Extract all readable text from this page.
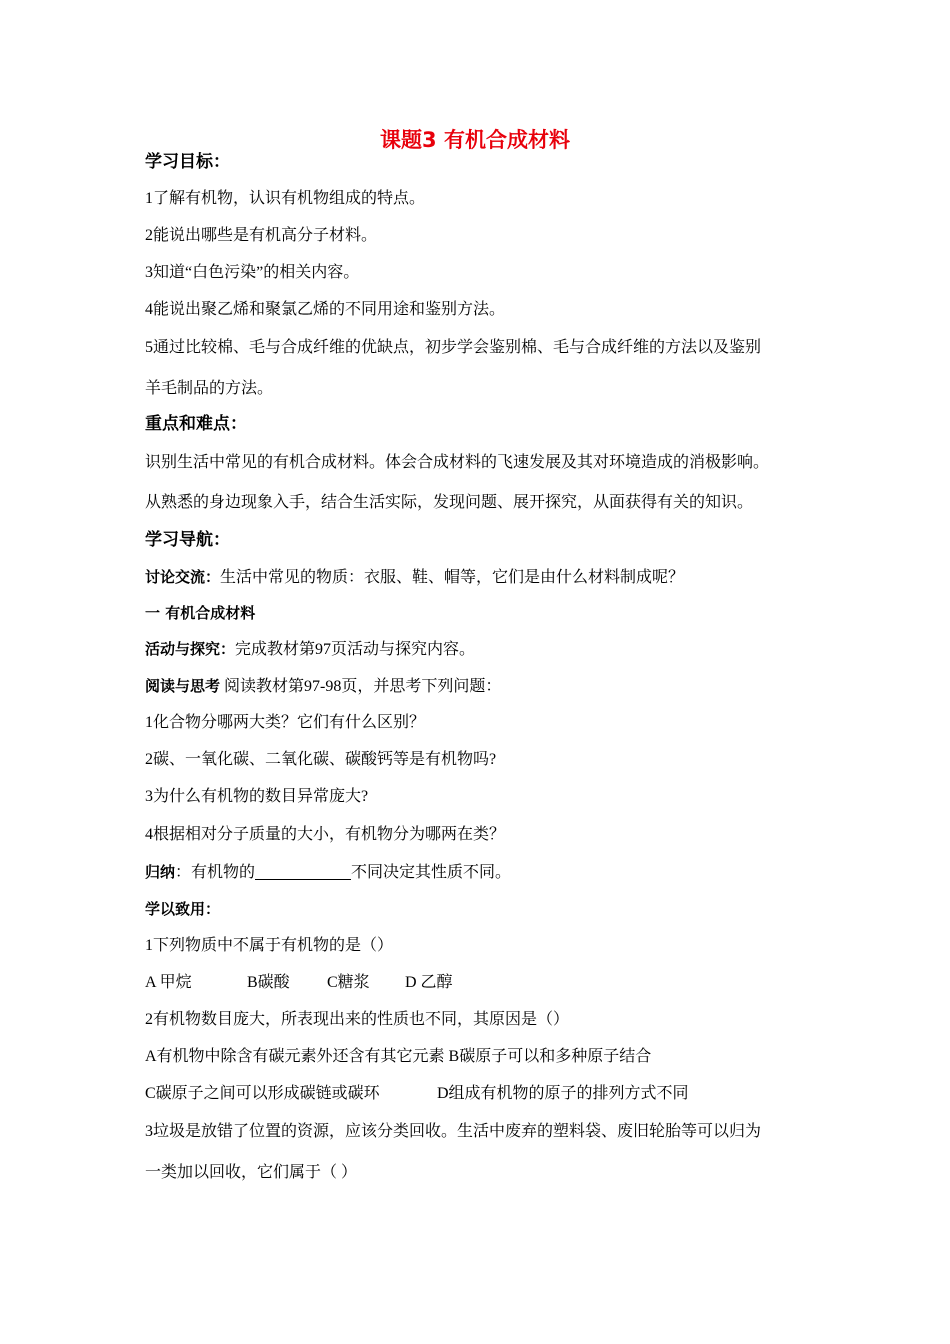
课题3 有机合成材料
学习目标：
1了解有机物，认识有机物组成的特点。
2能说出哪些是有机高分子材料。
3知道“白色污染”的相关内容。
4能说出聚乙烯和聚氯乙烯的不同用途和鉴别方法。
5通过比较棉、毛与合成纤维的优缺点，初步学会鉴别棉、毛与合成纤维的方法以及鉴别
羊毛制品的方法。
重点和难点：
识别生活中常见的有机合成材料。体会合成材料的飞速发展及其对环境造成的消极影响。
从熟悉的身边现象入手，结合生活实际，发现问题、展开探究，从面获得有关的知识。
学习导航：
讨论交流：生活中常见的物质：衣服、鞋、帽等，它们是由什么材料制成呢？
一 有机合成材料
活动与探究：完成教材第97页活动与探究内容。
阅读与思考 阅读教材第97-98页，并思考下列问题：
1化合物分哪两大类？它们有什么区别？
2碳、一氧化碳、二氧化碳、碳酸钙等是有机物吗?
3为什么有机物的数目异常庞大?
4根据相对分子质量的大小，有机物分为哪两在类？
归纳：有机物的	不同决定其性质不同。
学以致用：
1下列物质中不属于有机物的是（）
A 甲烷	B碳酸 C糖浆 D 乙醇
2有机物数目庞大，所表现出来的性质也不同，其原因是（）
A有机物中除含有碳元素外还含有其它元素 B碳原子可以和多种原子结合
C碳原子之间可以形成碳链或碳环	D组成有机物的原子的排列方式不同
3垃圾是放错了位置的资源，应该分类回收。生活中废弃的塑料袋、废旧轮胎等可以归为
一类加以回收，它们属于（ ）
